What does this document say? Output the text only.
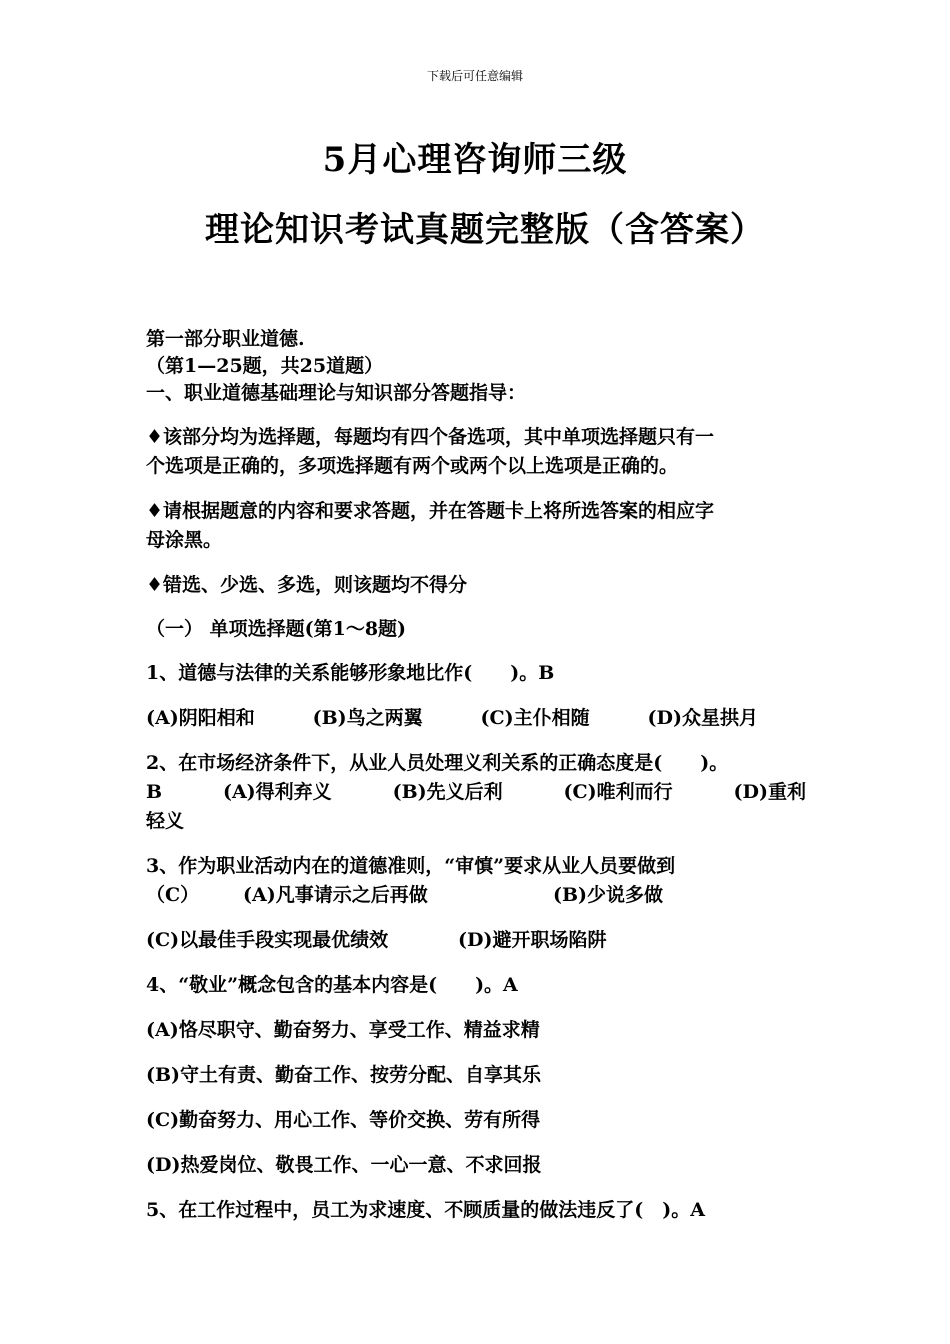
下载后可任意编辑
5月心理咨询师三级
理论知识考试真题完整版（含答案）

第一部分职业道德.

（第1—25题，共25道题）

一、职业道德基础理论与知识部分答题指导：

♦该部分均为选择题，每题均有四个备选项，其中单项选择题只有一

个选项是正确的，多项选择题有两个或两个以上选项是正确的。

♦请根据题意的内容和要求答题，并在答题卡上将所选答案的相应字

母涂黑。

♦错选、少选、多选，则该题均不得分

（一） 单项选择题(第1～8题)

1、道德与法律的关系能够形象地比作(　　)。B

(A)阴阳相和	(B)鸟之两翼	(C)主仆相随	(D)众星拱月

2、在市场经济条件下，从业人员处理义利关系的正确态度是(　　)。

B	(A)得利弃义	(B)先义后利	(C)唯利而行	(D)重利

轻义

3、作为职业活动内在的道德准则，“审慎”要求从业人员要做到

（C）	(A)凡事请示之后再做	(B)少说多做
(C)以最佳手段实现最优绩效	(D)避开职场陷阱

4、“敬业”概念包含的基本内容是(　　)。A

(A)恪尽职守、勤奋努力、享受工作、精益求精

(B)守土有责、勤奋工作、按劳分配、自享其乐

(C)勤奋努力、用心工作、等价交换、劳有所得

(D)热爱岗位、敬畏工作、一心一意、不求回报

5、在工作过程中，员工为求速度、不顾质量的做法违反了(　)。A
